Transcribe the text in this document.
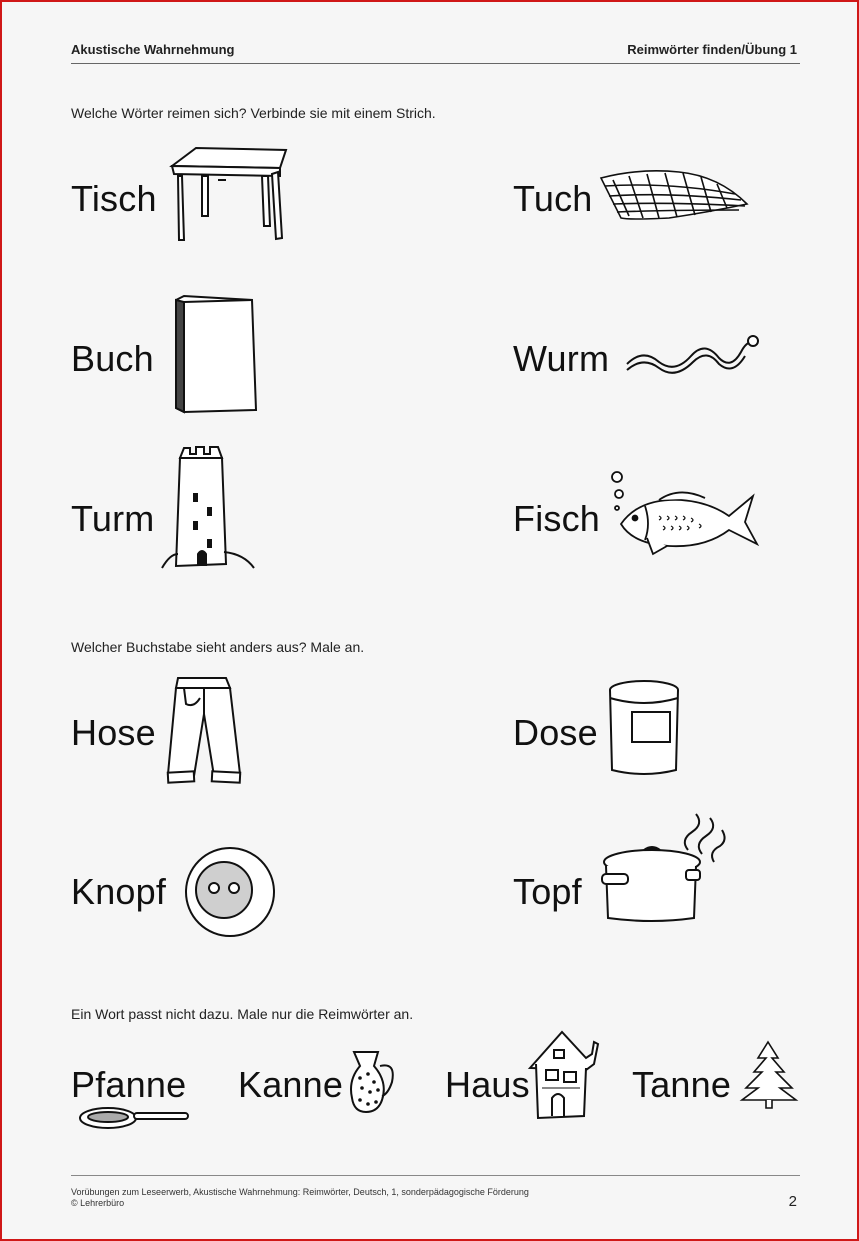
Akustische Wahrnehmung	Reimwörter finden/Übung 1
Welche Wörter reimen sich? Verbinde sie mit einem Strich.
Tisch	Tuch
Buch	Wurm
Turm	Fisch
Welcher Buchstabe sieht anders aus? Male an.
Hose	Dose
Knopf	Topf
Ein Wort passt nicht dazu. Male nur die Reimwörter an.
Pfanne Kanne	Haus	Tanne
Vorübungen zum Leseerwerb, Akustische Wahrnehmung: Reimwörter, Deutsch, 1, sonderpädagogische Förderung
© Lehrerbüro	2
